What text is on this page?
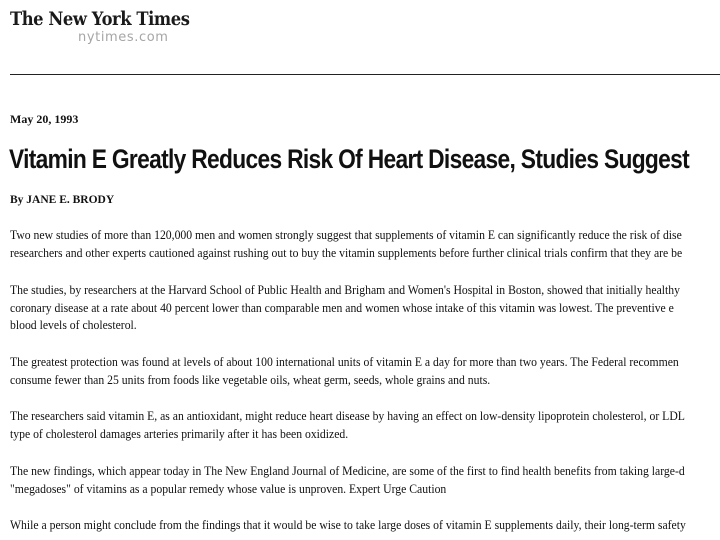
The New York Times
nytimes.com
May 20, 1993
Vitamin E Greatly Reduces Risk Of Heart Disease, Studies Suggest
By JANE E. BRODY
Two new studies of more than 120,000 men and women strongly suggest that supplements of vitamin E can significantly reduce the risk of dise
researchers and other experts cautioned against rushing out to buy the vitamin supplements before further clinical trials confirm that they are be
The studies, by researchers at the Harvard School of Public Health and Brigham and Women's Hospital in Boston, showed that initially healthy
coronary disease at a rate about 40 percent lower than comparable men and women whose intake of this vitamin was lowest. The preventive e
blood levels of cholesterol.
The greatest protection was found at levels of about 100 international units of vitamin E a day for more than two years. The Federal recommen
consume fewer than 25 units from foods like vegetable oils, wheat germ, seeds, whole grains and nuts.
The researchers said vitamin E, as an antioxidant, might reduce heart disease by having an effect on low-density lipoprotein cholesterol, or LDL
type of cholesterol damages arteries primarily after it has been oxidized.
The new findings, which appear today in The New England Journal of Medicine, are some of the first to find health benefits from taking large-d
"megadoses" of vitamins as a popular remedy whose value is unproven. Expert Urge Caution
While a person might conclude from the findings that it would be wise to take large doses of vitamin E supplements daily, their long-term safety
